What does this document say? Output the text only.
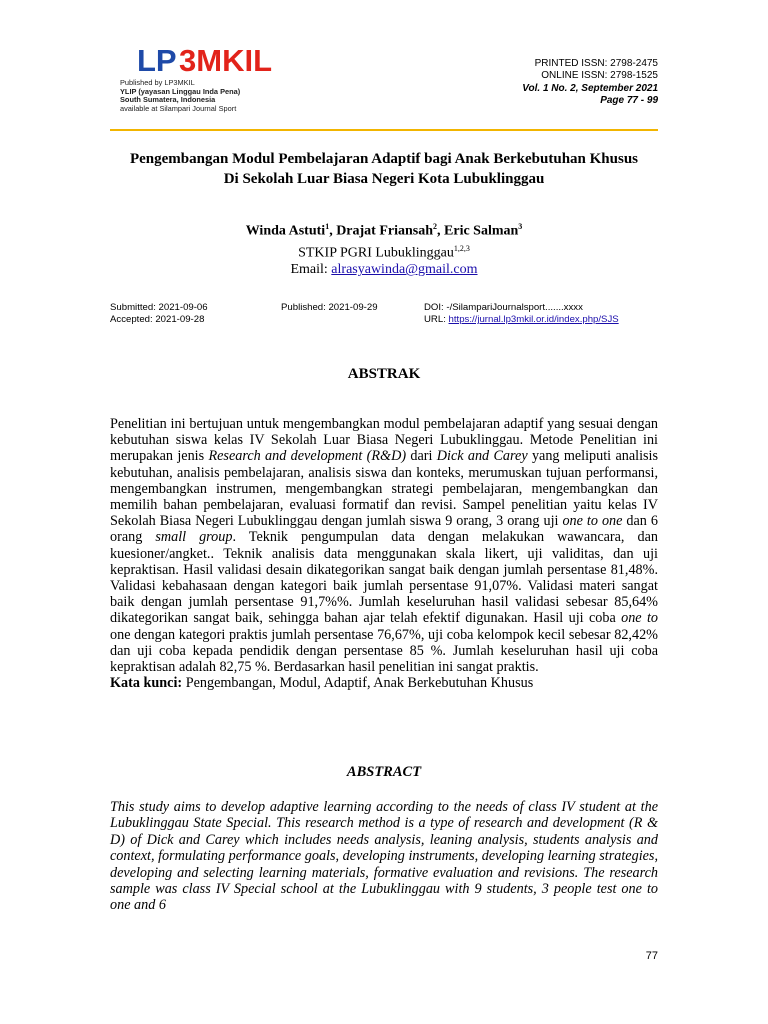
LP 3MKIL
Published by LP3MKIL
YLIP (yayasan Linggau Inda Pena)
South Sumatera, Indonesia
available at Silampari Journal Sport
PRINTED ISSN: 2798-2475
ONLINE ISSN: 2798-1525
Vol. 1 No. 2, September 2021
Page 77 - 99
Pengembangan Modul Pembelajaran Adaptif bagi Anak Berkebutuhan Khusus
Di Sekolah Luar Biasa Negeri Kota Lubuklinggau
Winda Astuti$^1$, Drajat Friansah$^2$, Eric Salman$^3$
STKIP PGRI Lubuklinggau$^{1,2,3}$
Email: alrasyawinda@gmail.com
Submitted: 2021-09-06
Accepted: 2021-09-28
Published: 2021-09-29	DOI: -/SilampariJournalsport.......xxxx
URL: https://jurnal.lp3mkil.or.id/index.php/SJS
ABSTRAK

Penelitian ini bertujuan untuk mengembangkan modul pembelajaran adaptif yang sesuai dengan kebutuhan siswa kelas IV Sekolah Luar Biasa Negeri Lubuklinggau. Metode Penelitian ini merupakan jenis Research and development (R&D) dari Dick and Carey yang meliputi analisis kebutuhan, analisis pembelajaran, analisis siswa dan konteks, merumuskan tujuan performansi, mengembangkan instrumen, mengembangkan strategi pembelajaran, mengembangkan dan memilih bahan pembelajaran, evaluasi formatif dan revisi. Sampel penelitian yaitu kelas IV Sekolah Biasa Negeri Lubuklinggau dengan jumlah siswa 9 orang, 3 orang uji one to one dan 6 orang small group. Teknik pengumpulan data dengan melakukan wawancara, dan kuesioner/angket.. Teknik analisis data menggunakan skala likert, uji validitas, dan uji kepraktisan. Hasil validasi desain dikategorikan sangat baik dengan jumlah persentase 81,48%. Validasi kebahasaan dengan kategori baik jumlah persentase 91,07%. Validasi materi sangat baik dengan jumlah persentase 91,7%%. Jumlah keseluruhan hasil validasi sebesar 85,64% dikategorikan sangat baik, sehingga bahan ajar telah efektif digunakan. Hasil uji coba one to one dengan kategori praktis jumlah persentase 76,67%, uji coba kelompok kecil sebesar 82,42% dan uji coba kepada pendidik dengan persentase 85 %. Jumlah keseluruhan hasil uji coba kepraktisan adalah 82,75 %. Berdasarkan hasil penelitian ini sangat praktis.

Kata kunci: Pengembangan, Modul, Adaptif, Anak Berkebutuhan Khusus
ABSTRACT
This study aims to develop adaptive learning according to the needs of class IV student at the Lubuklinggau State Special. This research method is a type of research and development (R & D) of Dick and Carey which includes needs analysis, leaning analysis, students analysis and context, formulating performance goals, developing instruments, developing learning strategies, developing and selecting learning materials, formative evaluation and revisions. The research sample was class IV Special school at the Lubuklinggau with 9 students, 3 people test one to one and 6
77
